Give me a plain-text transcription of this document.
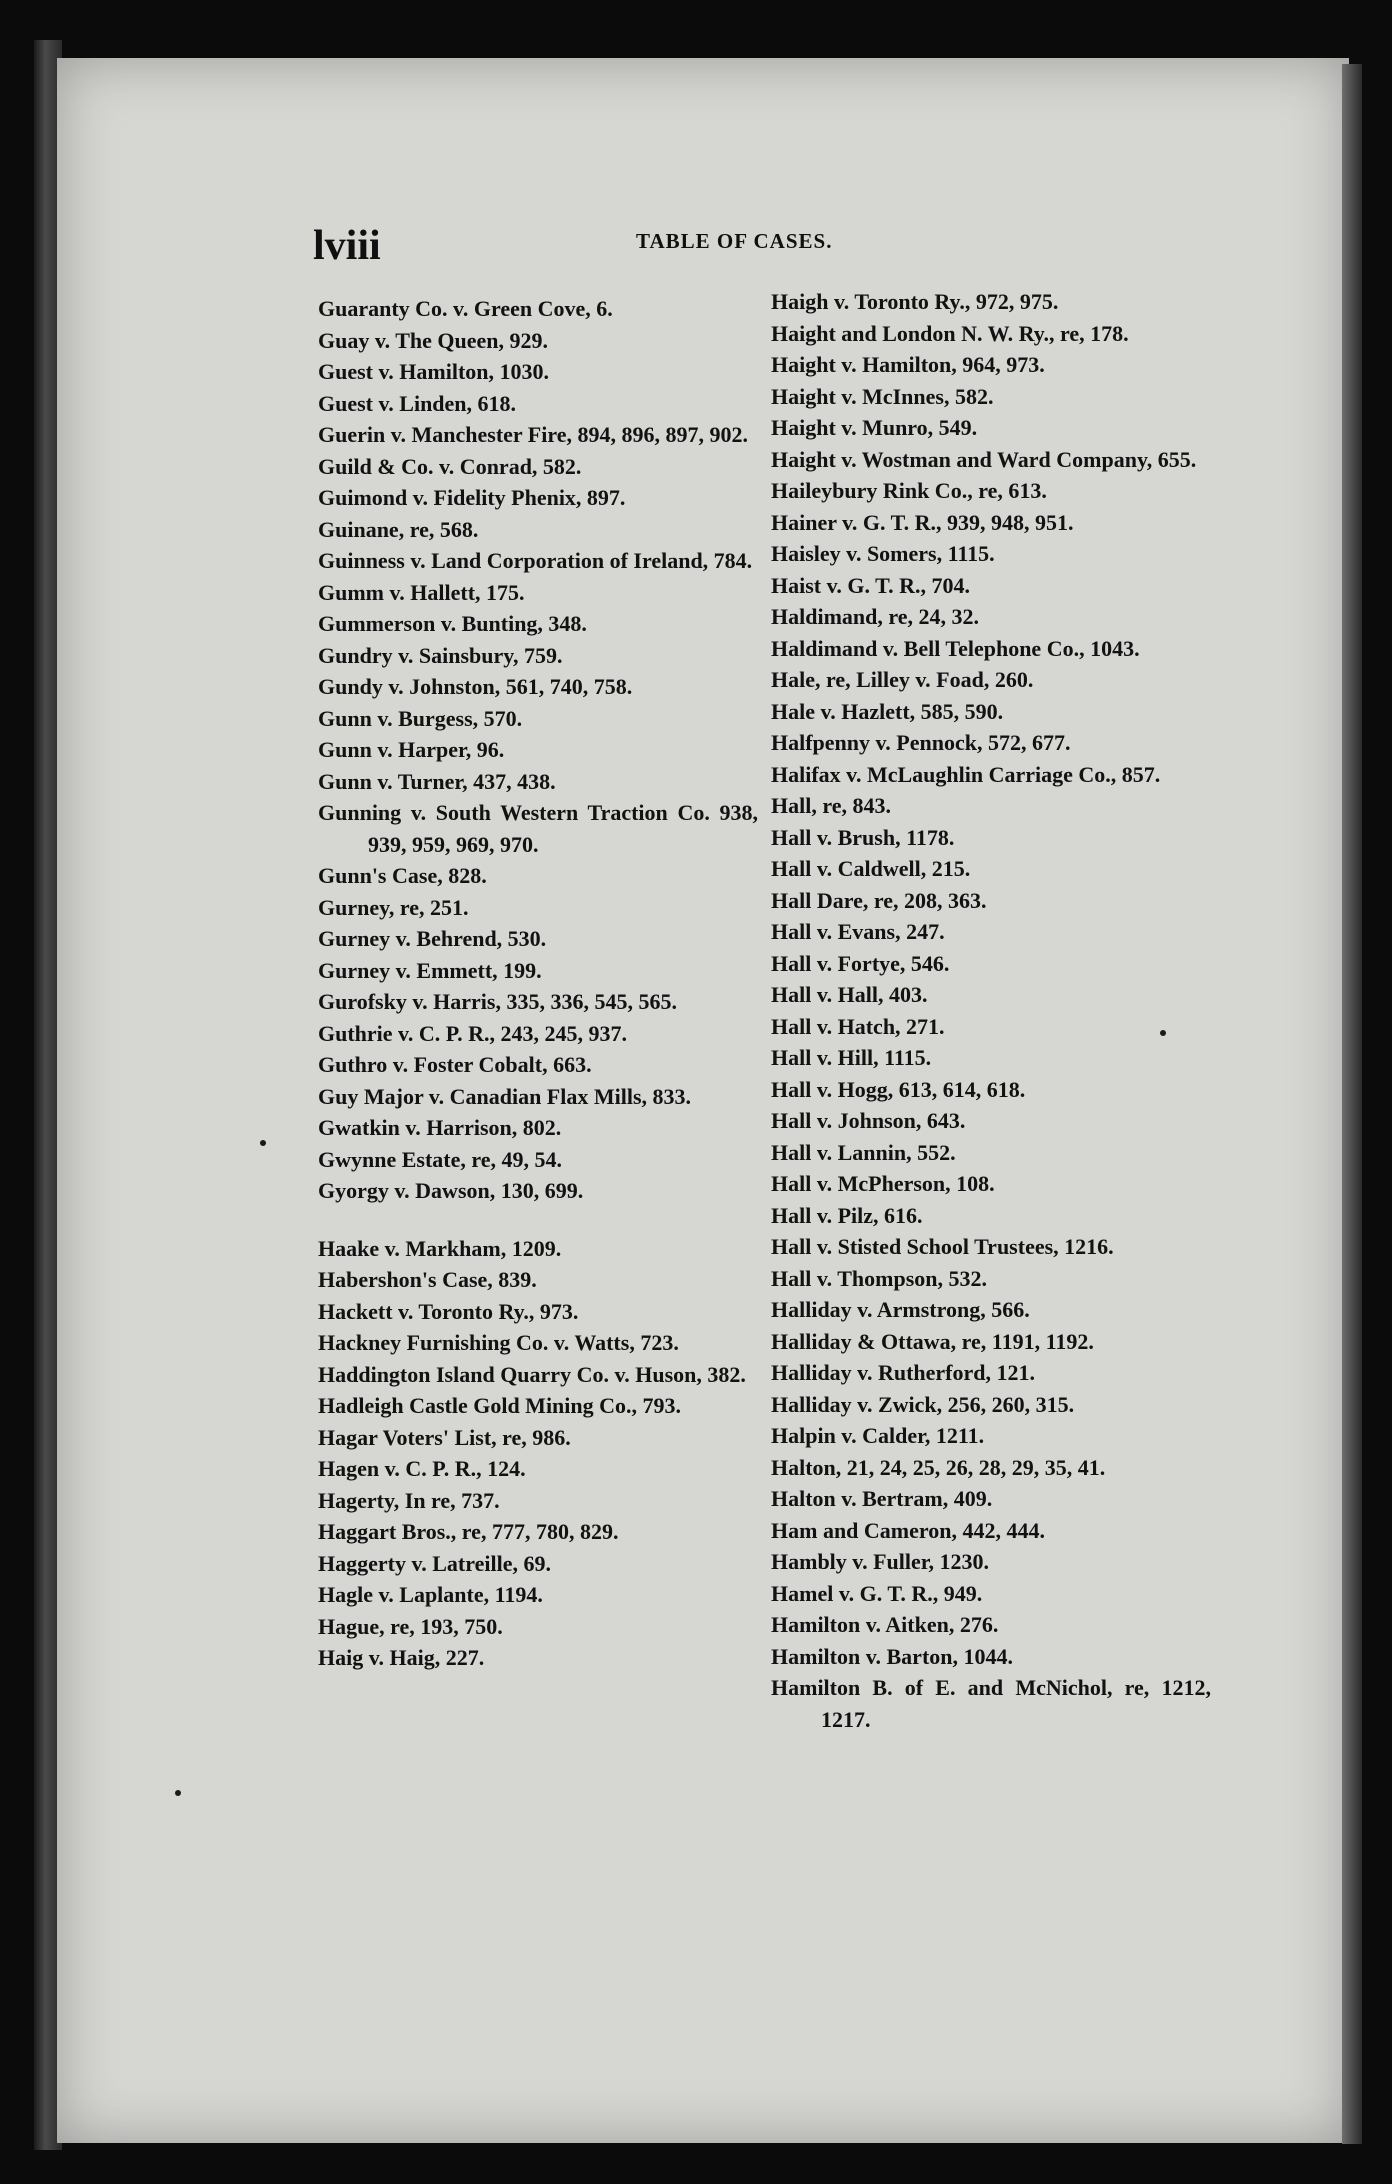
lviii	TABLE OF CASES.
Guaranty Co. v. Green Cove, 6.
Guay v. The Queen, 929.
Guest v. Hamilton, 1030.
Guest v. Linden, 618.
Guerin v. Manchester Fire, 894, 896, 897, 902.
Guild & Co. v. Conrad, 582.
Guimond v. Fidelity Phenix, 897.
Guinane, re, 568.
Guinness v. Land Corporation of Ireland, 784.
Gumm v. Hallett, 175.
Gummerson v. Bunting, 348.
Gundry v. Sainsbury, 759.
Gundy v. Johnston, 561, 740, 758.
Gunn v. Burgess, 570.
Gunn v. Harper, 96.
Gunn v. Turner, 437, 438.
Gunning v. South Western Traction Co. 938, 939, 959, 969, 970.
Gunn's Case, 828.
Gurney, re, 251.
Gurney v. Behrend, 530.
Gurney v. Emmett, 199.
Gurofsky v. Harris, 335, 336, 545, 565.
Guthrie v. C. P. R., 243, 245, 937.
Guthro v. Foster Cobalt, 663.
Guy Major v. Canadian Flax Mills, 833.
Gwatkin v. Harrison, 802.
Gwynne Estate, re, 49, 54.
Gyorgy v. Dawson, 130, 699.
Haake v. Markham, 1209.
Habershon's Case, 839.
Hackett v. Toronto Ry., 973.
Hackney Furnishing Co. v. Watts, 723.
Haddington Island Quarry Co. v. Huson, 382.
Hadleigh Castle Gold Mining Co., 793.
Hagar Voters' List, re, 986.
Hagen v. C. P. R., 124.
Hagerty, In re, 737.
Haggart Bros., re, 777, 780, 829.
Haggerty v. Latreille, 69.
Hagle v. Laplante, 1194.
Hague, re, 193, 750.
Haig v. Haig, 227.
Haigh v. Toronto Ry., 972, 975.
Haight and London N. W. Ry., re, 178.
Haight v. Hamilton, 964, 973.
Haight v. McInnes, 582.
Haight v. Munro, 549.
Haight v. Wostman and Ward Company, 655.
Haileybury Rink Co., re, 613.
Hainer v. G. T. R., 939, 948, 951.
Haisley v. Somers, 1115.
Haist v. G. T. R., 704.
Haldimand, re, 24, 32.
Haldimand v. Bell Telephone Co., 1043.
Hale, re, Lilley v. Foad, 260.
Hale v. Hazlett, 585, 590.
Halfpenny v. Pennock, 572, 677.
Halifax v. McLaughlin Carriage Co., 857.
Hall, re, 843.
Hall v. Brush, 1178.
Hall v. Caldwell, 215.
Hall Dare, re, 208, 363.
Hall v. Evans, 247.
Hall v. Fortye, 546.
Hall v. Hall, 403.
Hall v. Hatch, 271.
Hall v. Hill, 1115.
Hall v. Hogg, 613, 614, 618.
Hall v. Johnson, 643.
Hall v. Lannin, 552.
Hall v. McPherson, 108.
Hall v. Pilz, 616.
Hall v. Stisted School Trustees, 1216.
Hall v. Thompson, 532.
Halliday v. Armstrong, 566.
Halliday & Ottawa, re, 1191, 1192.
Halliday v. Rutherford, 121.
Halliday v. Zwick, 256, 260, 315.
Halpin v. Calder, 1211.
Halton, 21, 24, 25, 26, 28, 29, 35, 41.
Halton v. Bertram, 409.
Ham and Cameron, 442, 444.
Hambly v. Fuller, 1230.
Hamel v. G. T. R., 949.
Hamilton v. Aitken, 276.
Hamilton v. Barton, 1044.
Hamilton B. of E. and McNichol, re, 1212, 1217.
